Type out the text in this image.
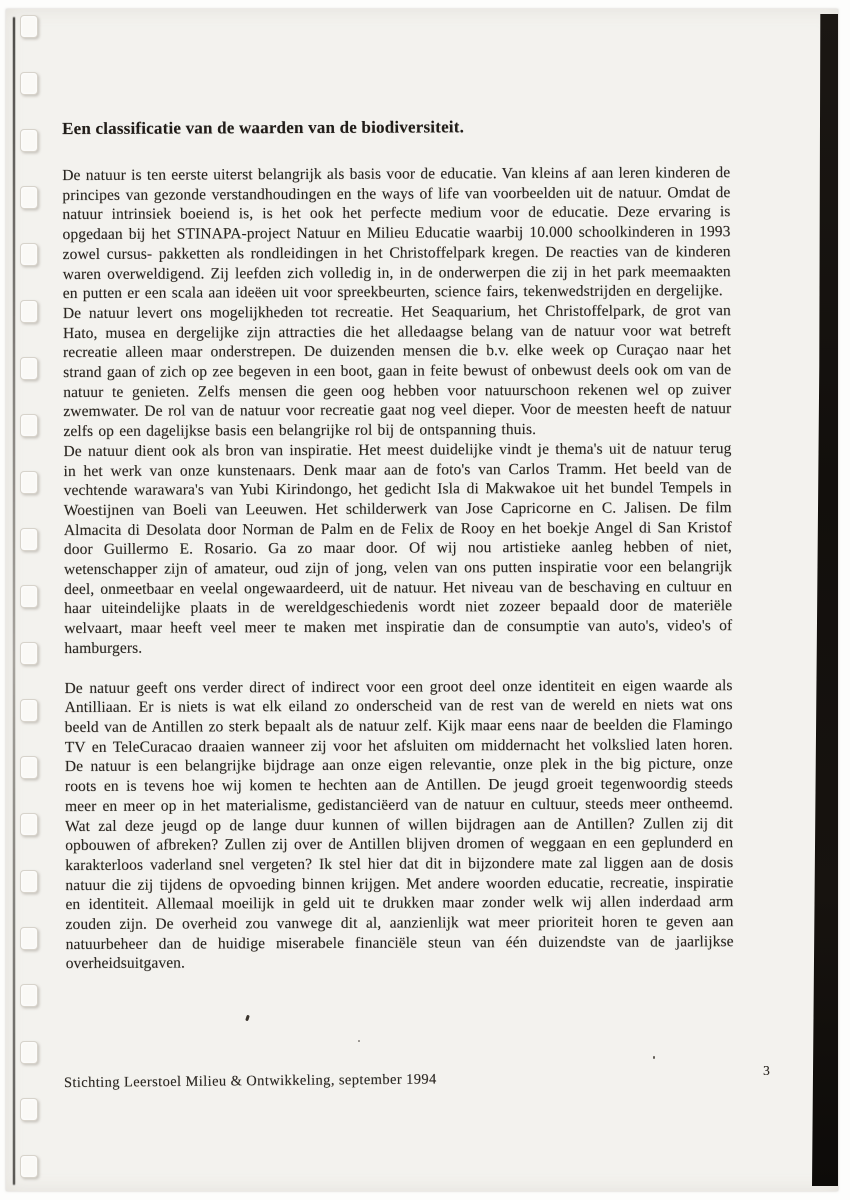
Een classificatie van de waarden van de biodiversiteit.

De natuur is ten eerste uiterst belangrijk als basis voor de educatie. Van kleins af aan leren kinderen de principes van gezonde verstandhoudingen en the ways of life van voorbeelden uit de natuur. Omdat de natuur intrinsiek boeiend is, is het ook het perfecte medium voor de educatie. Deze ervaring is opgedaan bij het STINAPA-project Natuur en Milieu Educatie waarbij 10.000 schoolkinderen in 1993 zowel cursus- pakketten als rondleidingen in het Christoffelpark kregen. De reacties van de kinderen waren overweldigend. Zij leefden zich volledig in, in de onderwerpen die zij in het park meemaakten en putten er een scala aan ideëen uit voor spreekbeurten, science fairs, tekenwedstrijden en dergelijke.

De natuur levert ons mogelijkheden tot recreatie. Het Seaquarium, het Christoffelpark, de grot van Hato, musea en dergelijke zijn attracties die het alledaagse belang van de natuur voor wat betreft recreatie alleen maar onderstrepen. De duizenden mensen die b.v. elke week op Curaçao naar het strand gaan of zich op zee begeven in een boot, gaan in feite bewust of onbewust deels ook om van de natuur te genieten. Zelfs mensen die geen oog hebben voor natuurschoon rekenen wel op zuiver zwemwater. De rol van de natuur voor recreatie gaat nog veel dieper. Voor de meesten heeft de natuur zelfs op een dagelijkse basis een belangrijke rol bij de ontspanning thuis.

De natuur dient ook als bron van inspiratie. Het meest duidelijke vindt je thema's uit de natuur terug in het werk van onze kunstenaars. Denk maar aan de foto's van Carlos Tramm. Het beeld van de vechtende warawara's van Yubi Kirindongo, het gedicht Isla di Makwakoe uit het bundel Tempels in Woestijnen van Boeli van Leeuwen. Het schilderwerk van Jose Capricorne en C. Jalisen. De film Almacita di Desolata door Norman de Palm en de Felix de Rooy en het boekje Angel di San Kristof door Guillermo E. Rosario. Ga zo maar door. Of wij nou artistieke aanleg hebben of niet, wetenschapper zijn of amateur, oud zijn of jong, velen van ons putten inspiratie voor een belangrijk deel, onmeetbaar en veelal ongewaardeerd, uit de natuur. Het niveau van de beschaving en cultuur en haar uiteindelijke plaats in de wereldgeschiedenis wordt niet zozeer bepaald door de materiële welvaart, maar heeft veel meer te maken met inspiratie dan de consumptie van auto's, video's of hamburgers.

De natuur geeft ons verder direct of indirect voor een groot deel onze identiteit en eigen waarde als Antilliaan. Er is niets is wat elk eiland zo onderscheid van de rest van de wereld en niets wat ons beeld van de Antillen zo sterk bepaalt als de natuur zelf. Kijk maar eens naar de beelden die Flamingo TV en TeleCuracao draaien wanneer zij voor het afsluiten om middernacht het volkslied laten horen. De natuur is een belangrijke bijdrage aan onze eigen relevantie, onze plek in the big picture, onze roots en is tevens hoe wij komen te hechten aan de Antillen. De jeugd groeit tegenwoordig steeds meer en meer op in het materialisme, gedistanciëerd van de natuur en cultuur, steeds meer ontheemd. Wat zal deze jeugd op de lange duur kunnen of willen bijdragen aan de Antillen? Zullen zij dit opbouwen of afbreken? Zullen zij over de Antillen blijven dromen of weggaan en een geplunderd en karakterloos vaderland snel vergeten? Ik stel hier dat dit in bijzondere mate zal liggen aan de dosis natuur die zij tijdens de opvoeding binnen krijgen. Met andere woorden educatie, recreatie, inspiratie en identiteit. Allemaal moeilijk in geld uit te drukken maar zonder welk wij allen inderdaad arm zouden zijn. De overheid zou vanwege dit al, aanzienlijk wat meer prioriteit horen te geven aan natuurbeheer dan de huidige miserabele financiële steun van één duizendste van de jaarlijkse overheidsuitgaven.

Stichting Leerstoel Milieu & Ontwikkeling, september 1994
3
